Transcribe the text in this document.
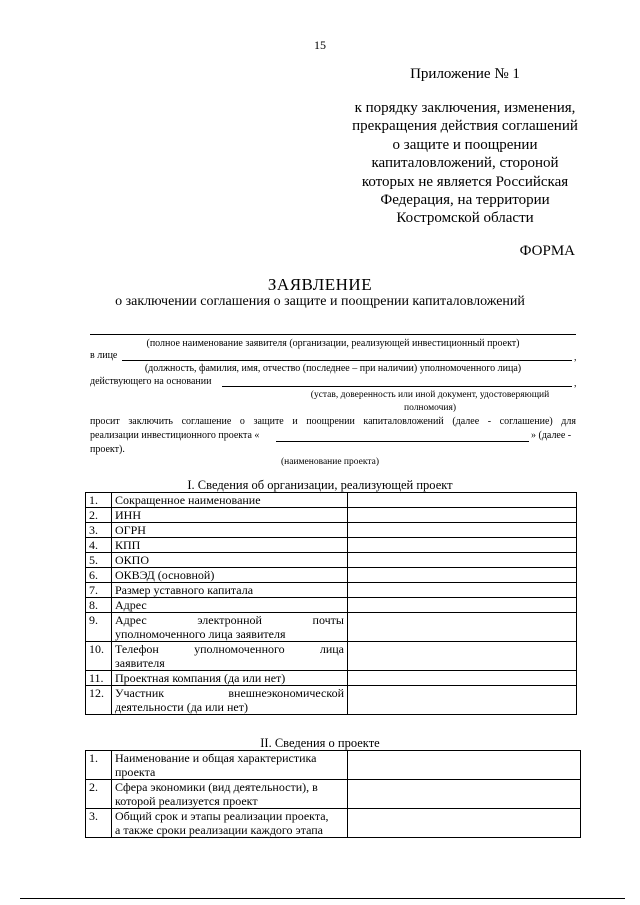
15
Приложение № 1
к порядку заключения, изменения,
прекращения действия соглашений
о защите и поощрении
капиталовложений, стороной
которых не является Российская
Федерация, на территории
Костромской области
ФОРМА
ЗАЯВЛЕНИЕ
о заключении соглашения о защите и поощрении капиталовложений
(полное наименование заявителя (организации, реализующей инвестиционный проект)
в лице	,
(должность, фамилия, имя, отчество (последнее – при наличии) уполномоченного лица)
действующего на основании	,
(устав, доверенность или иной документ, удостоверяющий
полномочия)
просит заключить соглашение о защите и поощрении капиталовложений (далее - соглашение) для
реализации инвестиционного проекта «	» (далее -
проект).
(наименование проекта)
I. Сведения об организации, реализующей проект
1.	Сокращенное наименование	
2.	ИНН	
3.	ОГРН	
4.	КПП	
5.	ОКПО	
6.	ОКВЭД (основной)	
7.	Размер уставного капитала	
8.	Адрес	
9.	Адрес электронной почты
уполномоченного лица заявителя	

10.	Телефон уполномоченного лица
заявителя	

11.	Проектная компания (да или нет)	
12.	Участник внешнеэкономической
деятельности (да или нет)	

II. Сведения о проекте
1.	Наименование и общая характеристика
проекта	

2.	Сфера экономики (вид деятельности), в
которой реализуется проект	

3.	Общий срок и этапы реализации проекта,
а также сроки реализации каждого этапа	
